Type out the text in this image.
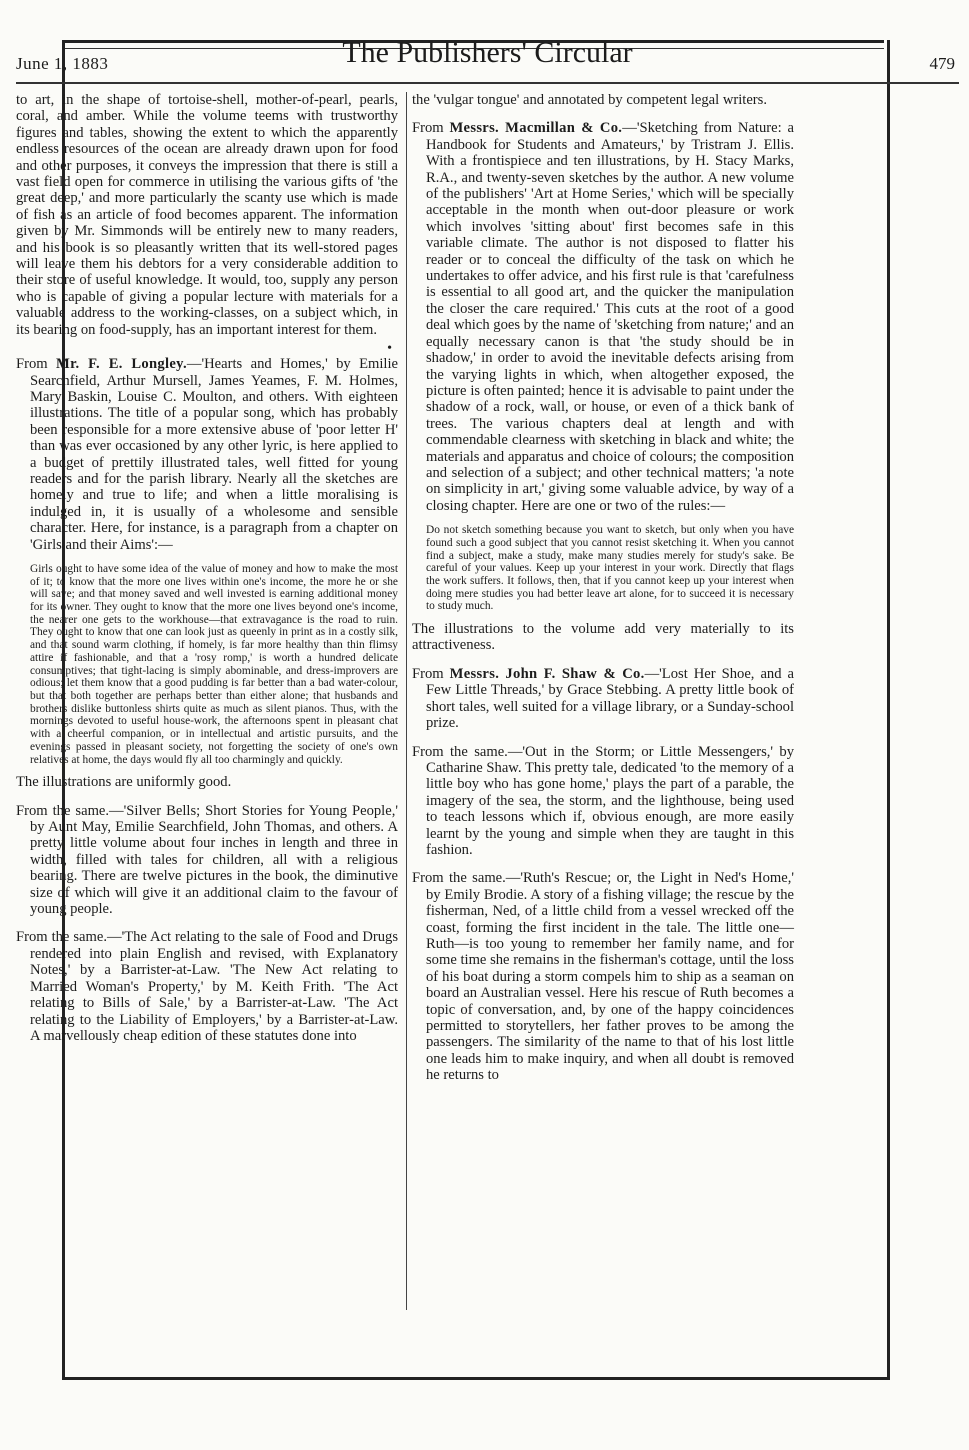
June 1, 1883	The Publishers' Circular	479

to art, in the shape of tortoise-shell, mother-of-pearl, pearls, coral, and amber. While the volume teems with trustworthy figures and tables, showing the extent to which the apparently endless resources of the ocean are already drawn upon for food and other purposes, it conveys the impression that there is still a vast field open for commerce in utilising the various gifts of 'the great deep,' and more particularly the scanty use which is made of fish as an article of food becomes apparent. The information given by Mr. Simmonds will be entirely new to many readers, and his book is so pleasantly written that its well-stored pages will leave them his debtors for a very considerable addition to their store of useful knowledge. It would, too, supply any person who is capable of giving a popular lecture with materials for a valuable address to the working-classes, on a subject which, in its bearing on food-supply, has an important interest for them.

•

From Mr. F. E. Longley.—'Hearts and Homes,' by Emilie Searchfield, Arthur Mursell, James Yeames, F. M. Holmes, Mary Baskin, Louise C. Moulton, and others. With eighteen illustrations. The title of a popular song, which has probably been responsible for a more extensive abuse of 'poor letter H' than was ever occasioned by any other lyric, is here applied to a budget of prettily illustrated tales, well fitted for young readers and for the parish library. Nearly all the sketches are homely and true to life; and when a little moralising is indulged in, it is usually of a wholesome and sensible character. Here, for instance, is a paragraph from a chapter on 'Girls and their Aims':—

Girls ought to have some idea of the value of money and how to make the most of it; to know that the more one lives within one's income, the more he or she will save; and that money saved and well invested is earning additional money for its owner. They ought to know that the more one lives beyond one's income, the nearer one gets to the workhouse—that extravagance is the road to ruin. They ought to know that one can look just as queenly in print as in a costly silk, and that sound warm clothing, if homely, is far more healthy than thin flimsy attire if fashionable, and that a 'rosy romp,' is worth a hundred delicate consumptives; that tight-lacing is simply abominable, and dress-improvers are odious; let them know that a good pudding is far better than a bad water-colour, but that both together are perhaps better than either alone; that husbands and brothers dislike buttonless shirts quite as much as silent pianos. Thus, with the mornings devoted to useful house-work, the afternoons spent in pleasant chat with a cheerful companion, or in intellectual and artistic pursuits, and the evenings passed in pleasant society, not forgetting the society of one's own relatives at home, the days would fly all too charmingly and quickly.

The illustrations are uniformly good.

From the same.—'Silver Bells; Short Stories for Young People,' by Aunt May, Emilie Searchfield, John Thomas, and others. A pretty little volume about four inches in length and three in width, filled with tales for children, all with a religious bearing. There are twelve pictures in the book, the diminutive size of which will give it an additional claim to the favour of young people.

From the same.—'The Act relating to the sale of Food and Drugs rendered into plain English and revised, with Explanatory Notes,' by a Barrister-at-Law. 'The New Act relating to Married Woman's Property,' by M. Keith Frith. 'The Act relating to Bills of Sale,' by a Barrister-at-Law. 'The Act relating to the Liability of Employers,' by a Barrister-at-Law. A marvellously cheap edition of these statutes done into

the 'vulgar tongue' and annotated by competent legal writers.

From Messrs. Macmillan & Co.—'Sketching from Nature: a Handbook for Students and Amateurs,' by Tristram J. Ellis. With a frontispiece and ten illustrations, by H. Stacy Marks, R.A., and twenty-seven sketches by the author. A new volume of the publishers' 'Art at Home Series,' which will be specially acceptable in the month when out-door pleasure or work which involves 'sitting about' first becomes safe in this variable climate. The author is not disposed to flatter his reader or to conceal the difficulty of the task on which he undertakes to offer advice, and his first rule is that 'carefulness is essential to all good art, and the quicker the manipulation the closer the care required.' This cuts at the root of a good deal which goes by the name of 'sketching from nature;' and an equally necessary canon is that 'the study should be in shadow,' in order to avoid the inevitable defects arising from the varying lights in which, when altogether exposed, the picture is often painted; hence it is advisable to paint under the shadow of a rock, wall, or house, or even of a thick bank of trees. The various chapters deal at length and with commendable clearness with sketching in black and white; the materials and apparatus and choice of colours; the composition and selection of a subject; and other technical matters; 'a note on simplicity in art,' giving some valuable advice, by way of a closing chapter. Here are one or two of the rules:—

Do not sketch something because you want to sketch, but only when you have found such a good subject that you cannot resist sketching it. When you cannot find a subject, make a study, make many studies merely for study's sake. Be careful of your values. Keep up your interest in your work. Directly that flags the work suffers. It follows, then, that if you cannot keep up your interest when doing mere studies you had better leave art alone, for to succeed it is necessary to study much.

The illustrations to the volume add very materially to its attractiveness.

From Messrs. John F. Shaw & Co.—'Lost Her Shoe, and a Few Little Threads,' by Grace Stebbing. A pretty little book of short tales, well suited for a village library, or a Sunday-school prize.

From the same.—'Out in the Storm; or Little Messengers,' by Catharine Shaw. This pretty tale, dedicated 'to the memory of a little boy who has gone home,' plays the part of a parable, the imagery of the sea, the storm, and the lighthouse, being used to teach lessons which if, obvious enough, are more easily learnt by the young and simple when they are taught in this fashion.

From the same.—'Ruth's Rescue; or, the Light in Ned's Home,' by Emily Brodie. A story of a fishing village; the rescue by the fisherman, Ned, of a little child from a vessel wrecked off the coast, forming the first incident in the tale. The little one—Ruth—is too young to remember her family name, and for some time she remains in the fisherman's cottage, until the loss of his boat during a storm compels him to ship as a seaman on board an Australian vessel. Here his rescue of Ruth becomes a topic of conversation, and, by one of the happy coincidences permitted to storytellers, her father proves to be among the passengers. The similarity of the name to that of his lost little one leads him to make inquiry, and when all doubt is removed he returns to
